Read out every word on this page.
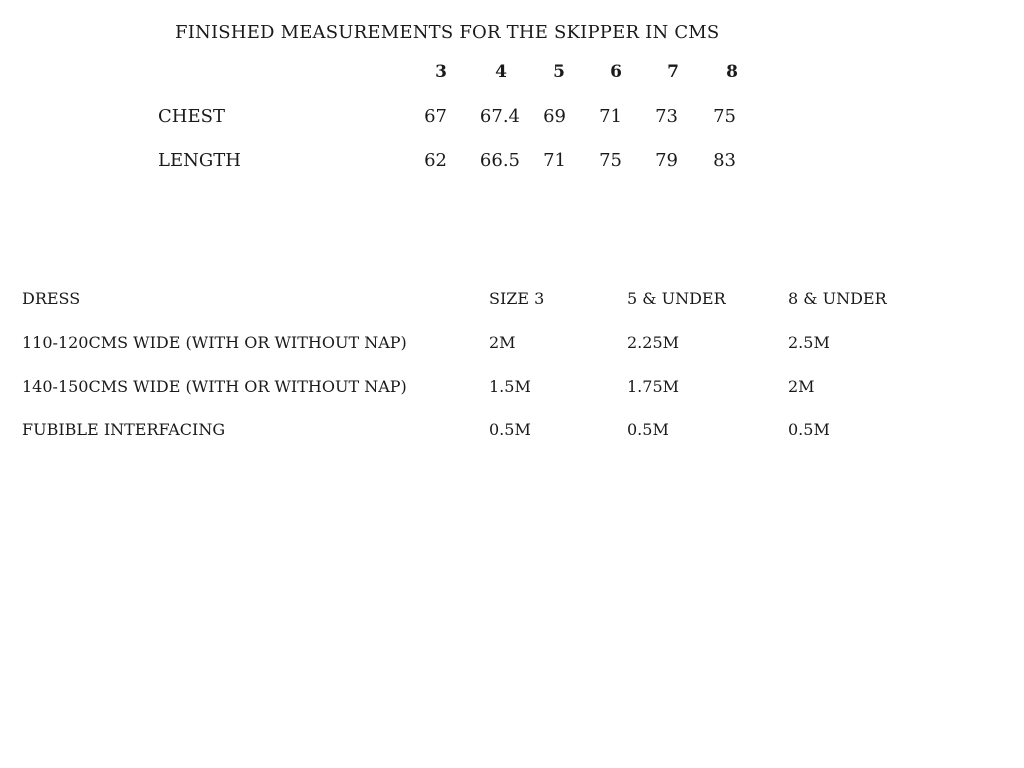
FINISHED MEASUREMENTS FOR THE SKIPPER IN CMS
3	4	5	6	7	8
CHEST	67	67.4	69	71	73	75
LENGTH	62	66.5	71	75	79	83
DRESS	SIZE 3	5 & UNDER	8 & UNDER
110-120CMS WIDE (WITH OR WITHOUT NAP)	2M	2.25M	2.5M
140-150CMS WIDE (WITH OR WITHOUT NAP)	1.5M	1.75M	2M
FUBIBLE INTERFACING	0.5M	0.5M	0.5M
